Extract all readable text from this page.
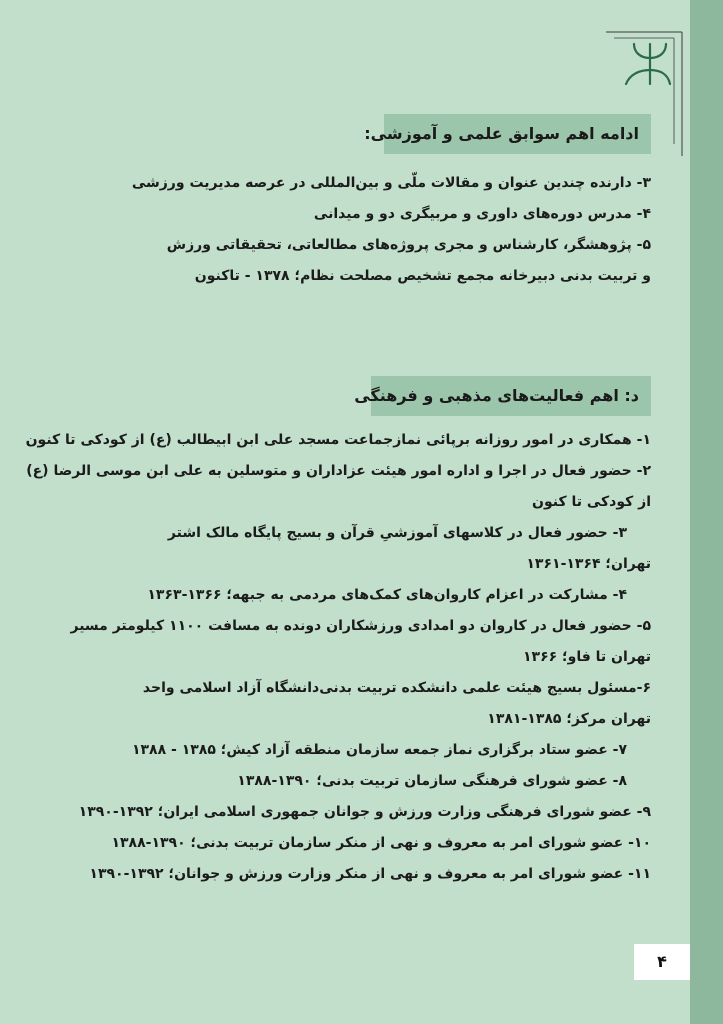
ادامه اهم سوابق علمی و آموزشی:
۳- دارنده چندین عنوان و مقالات ملّی و بین‌المللی در عرصه مدیریت ورزشی
۴- مدرس دوره‌های داوری و مربیگری دو و میدانی
۵- پژوهشگر، کارشناس و مجری پروژه‌های مطالعاتی، تحقیقاتی ورزش
و تربیت بدنی دبیرخانه مجمع تشخیص مصلحت نظام؛ ۱۳۷۸ - تاکنون
د: اهم فعالیت‌های مذهبی و فرهنگی
۱- همکاری در امور روزانه برپائی نمازجماعت مسجد علی ابن ابیطالب (ع) از کودکی تا کنون
۲- حضور فعال در اجرا و اداره امور هیئت عزاداران و متوسلین به علی ابن موسی الرضا (ع)
از کودکی تا کنون
۳- حضور فعال در کلاسهای آموزشیِ قرآن و بسیج پایگاه مالک اشتر
تهران؛ ۱۳۶۴-۱۳۶۱
۴- مشارکت در اعزام کاروان‌های کمک‌های مردمی به جبهه؛ ۱۳۶۶-۱۳۶۳
۵- حضور فعال در کاروان دو امدادی ورزشکاران دونده به مسافت ۱۱۰۰ کیلومتر مسیر
تهران تا فاو؛ ۱۳۶۶
۶-مسئول بسیج هیئت علمی دانشکده تربیت بدنی‌دانشگاه آزاد اسلامی واحد
تهران مرکز؛ ۱۳۸۵-۱۳۸۱
۷- عضو ستاد برگزاری نماز جمعه سازمان منطقه آزاد کیش؛ ۱۳۸۵ - ۱۳۸۸
۸- عضو شورای فرهنگی سازمان تربیت بدنی؛ ۱۳۹۰-۱۳۸۸
۹- عضو شورای فرهنگی وزارت ورزش و جوانان جمهوری اسلامی ایران؛ ۱۳۹۲-۱۳۹۰
۱۰- عضو شورای امر به معروف و نهی از منکر سازمان تربیت بدنی؛ ۱۳۹۰-۱۳۸۸
۱۱- عضو شورای امر به معروف و نهی از منکر وزارت ورزش و جوانان؛ ۱۳۹۲-۱۳۹۰
۴
